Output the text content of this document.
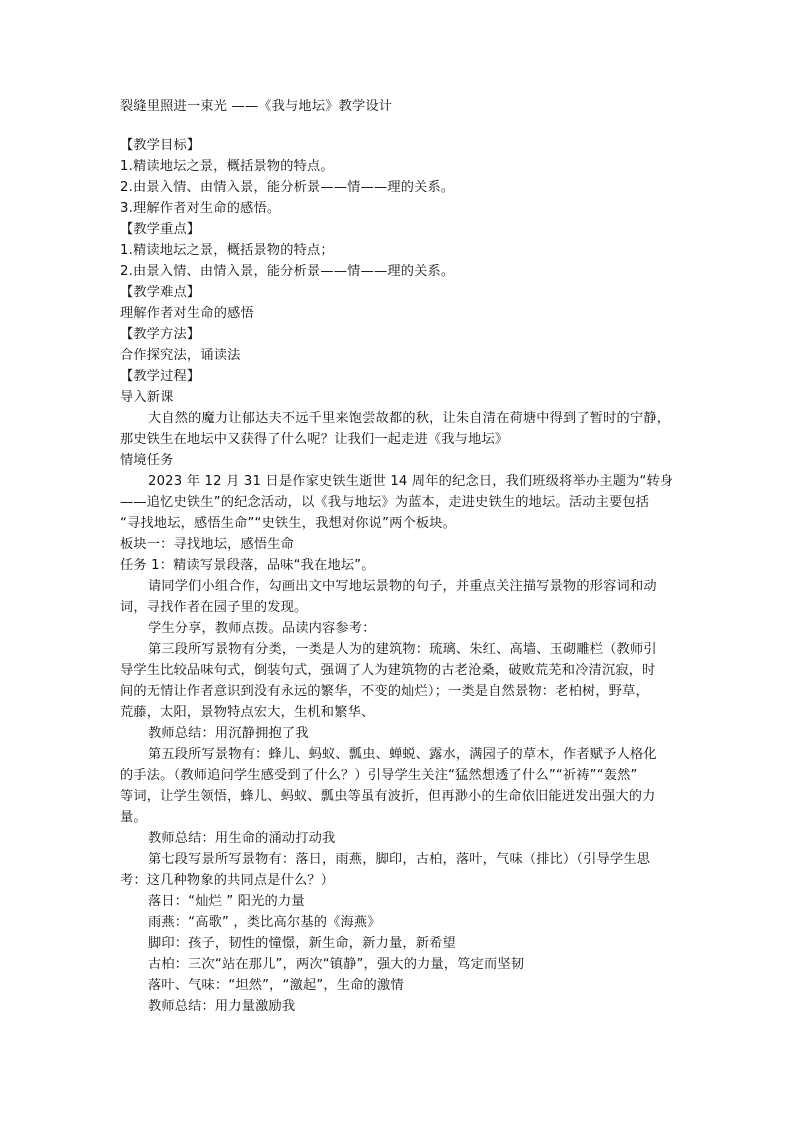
裂缝里照进一束光 ——《我与地坛》教学设计
【教学目标】
1.精读地坛之景，概括景物的特点。
2.由景入情、由情入景，能分析景——情——理的关系。
3.理解作者对生命的感悟。
【教学重点】
1.精读地坛之景，概括景物的特点；
2.由景入情、由情入景，能分析景——情——理的关系。
【教学难点】
理解作者对生命的感悟
【教学方法】
合作探究法，诵读法
【教学过程】
导入新课
大自然的魔力让郁达夫不远千里来饱尝故都的秋，让朱自清在荷塘中得到了暂时的宁静，
那史铁生在地坛中又获得了什么呢？让我们一起走进《我与地坛》
情境任务
2023 年 12 月 31 日是作家史铁生逝世 14 周年的纪念日，我们班级将举办主题为“转身
——追忆史铁生”的纪念活动，以《我与地坛》为蓝本，走进史铁生的地坛。活动主要包括
“寻找地坛，感悟生命”“史铁生，我想对你说”两个板块。
板块一：寻找地坛，感悟生命
任务 1：精读写景段落，品味“我在地坛”。
请同学们小组合作，勾画出文中写地坛景物的句子，并重点关注描写景物的形容词和动
词，寻找作者在园子里的发现。
学生分享，教师点拨。品读内容参考：
第三段所写景物有分类，一类是人为的建筑物：琉璃、朱红、高墙、玉砌雕栏（教师引
导学生比较品味句式，倒装句式，强调了人为建筑物的古老沧桑，破败荒芜和冷清沉寂，时
间的无情让作者意识到没有永远的繁华，不变的灿烂）；一类是自然景物：老柏树，野草，
荒藤，太阳，景物特点宏大，生机和繁华、
教师总结：用沉静拥抱了我
第五段所写景物有：蜂儿、蚂蚁、瓢虫、蝉蜕、露水，满园子的草木，作者赋予人格化
的手法。（教师追问学生感受到了什么？）引导学生关注“猛然想透了什么”“祈祷”“轰然”
等词，让学生领悟，蜂儿、蚂蚁、瓢虫等虽有波折，但再渺小的生命依旧能迸发出强大的力
量。
教师总结：用生命的涌动打动我
第七段写景所写景物有：落日，雨燕，脚印，古柏，落叶，气味（排比）（引导学生思
考：这几种物象的共同点是什么？）
落日：“灿烂 ” 阳光的力量
雨燕：“高歌” ，类比高尔基的《海燕》
脚印：孩子，韧性的憧憬，新生命，新力量，新希望
古柏：三次“站在那儿”，两次“镇静”，强大的力量，笃定而坚韧
落叶、气味：“坦然”，“激起”，生命的激情
教师总结：用力量激励我
